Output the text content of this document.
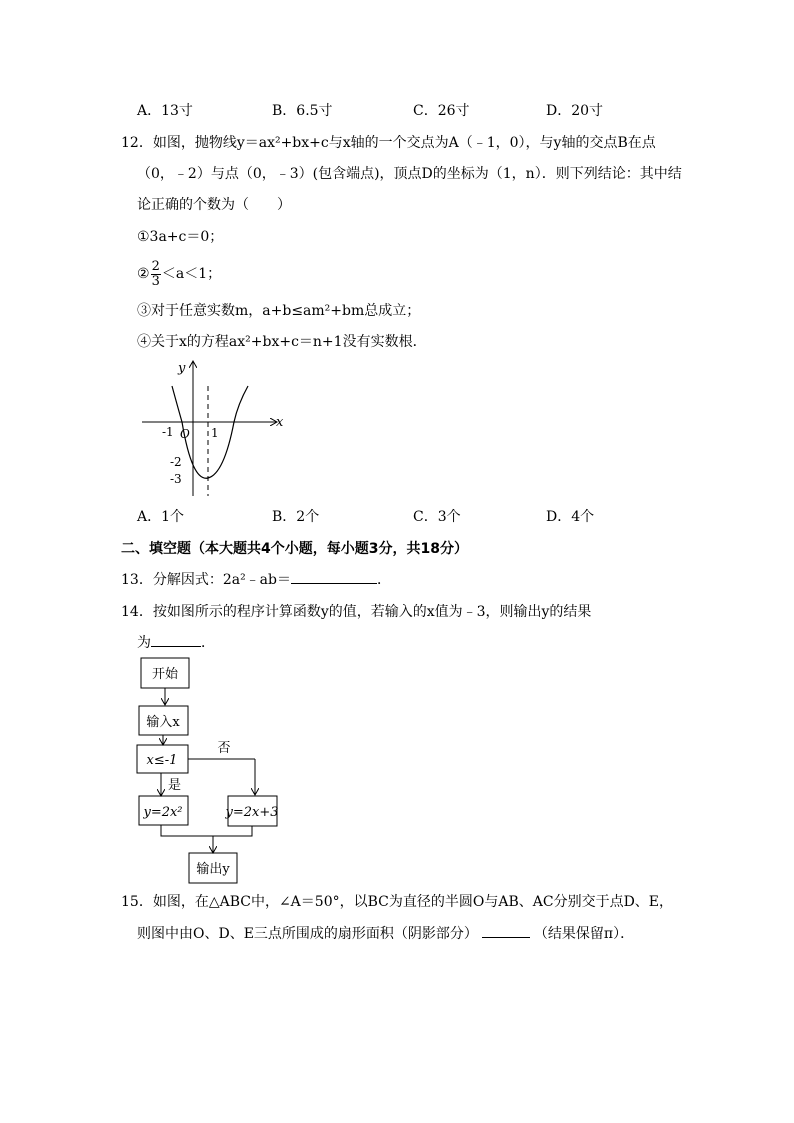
A．13寸	B．6.5寸	C．26寸	D．20寸
12．如图，抛物线y＝ax²+bx+c与x轴的一个交点为A（﹣1，0），与y轴的交点B在点
（0，﹣2）与点（0，﹣3）(包含端点)，顶点D的坐标为（1，n）．则下列结论：其中结
论正确的个数为（　　）
①3a+c＝0；
② $\frac{2}{3} <a<1$；
③对于任意实数m，a+b≤am²+bm总成立；
④关于x的方程ax²+bx+c＝n+1没有实数根．
y
x
-1 O 1
-2
-3
A．1个	B．2个	C．3个	D．4个
二、填空题（本大题共4个小题，每小题3分，共18分）
13．分解因式：2a²﹣ab＝	．
14．按如图所示的程序计算函数y的值，若输入的x值为﹣3，则输出y的结果
为	．
开始
输入x
x≤-1
否
是
y=2x²	y=2x+3
输出y
15．如图，在△ABC中，∠A＝50°，以BC为直径的半圆O与AB、AC分别交于点D、E，
则图中由O、D、E三点所围成的扇形面积（阴影部分）	（结果保留π）．
